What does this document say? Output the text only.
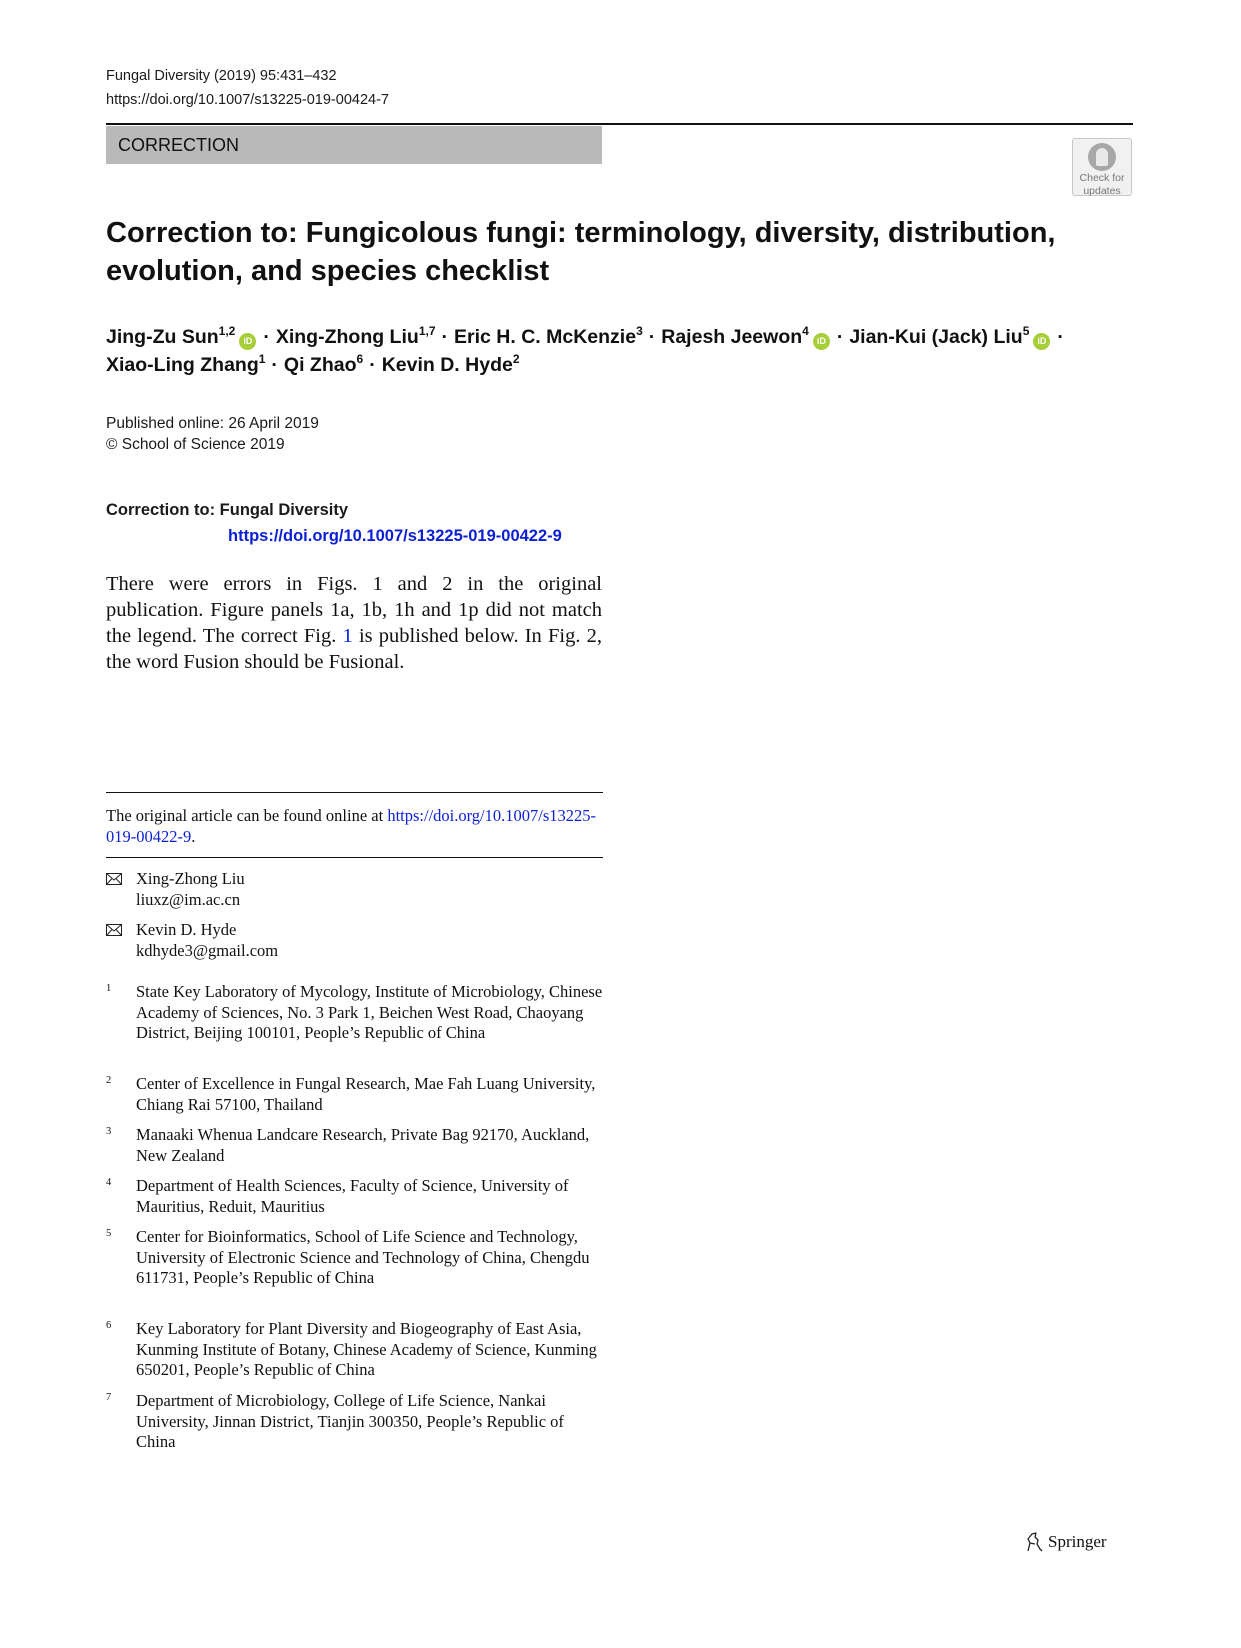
Fungal Diversity (2019) 95:431–432
https://doi.org/10.1007/s13225-019-00424-7
CORRECTION
Check for
updates
Correction to: Fungicolous fungi: terminology, diversity, distribution, evolution, and species checklist
Jing-Zu Sun$^{1,2}$iD · Xing-Zhong Liu$^{1,7}$ · Eric H. C. McKenzie$^3$ · Rajesh Jeewon$^4$iD · Jian-Kui (Jack) Liu$^5$iD ·
Xiao-Ling Zhang$^1$ · Qi Zhao$^6$ · Kevin D. Hyde$^2$
Published online: 26 April 2019
© School of Science 2019
Correction to: Fungal Diversity
https://doi.org/10.1007/s13225-019-00422-9
There were errors in Figs. 1 and 2 in the original publication. Figure panels 1a, 1b, 1h and 1p did not match the legend. The correct Fig. 1 is published below. In Fig. 2, the word Fusion should be Fusional.
The original article can be found online at https://doi.org/10.1007/s13225-019-00422-9.
Xing-Zhong Liu
liuxz@im.ac.cn
Kevin D. Hyde
kdhyde3@gmail.com
1 State Key Laboratory of Mycology, Institute of Microbiology, Chinese Academy of Sciences, No. 3 Park 1, Beichen West Road, Chaoyang District, Beijing 100101, People’s Republic of China
2 Center of Excellence in Fungal Research, Mae Fah Luang University, Chiang Rai 57100, Thailand
3 Manaaki Whenua Landcare Research, Private Bag 92170, Auckland, New Zealand
4 Department of Health Sciences, Faculty of Science, University of Mauritius, Reduit, Mauritius
5 Center for Bioinformatics, School of Life Science and Technology, University of Electronic Science and Technology of China, Chengdu 611731, People’s Republic of China
6 Key Laboratory for Plant Diversity and Biogeography of East Asia, Kunming Institute of Botany, Chinese Academy of Science, Kunming 650201, People’s Republic of China
7 Department of Microbiology, College of Life Science, Nankai University, Jinnan District, Tianjin 300350, People’s Republic of China
Springer
